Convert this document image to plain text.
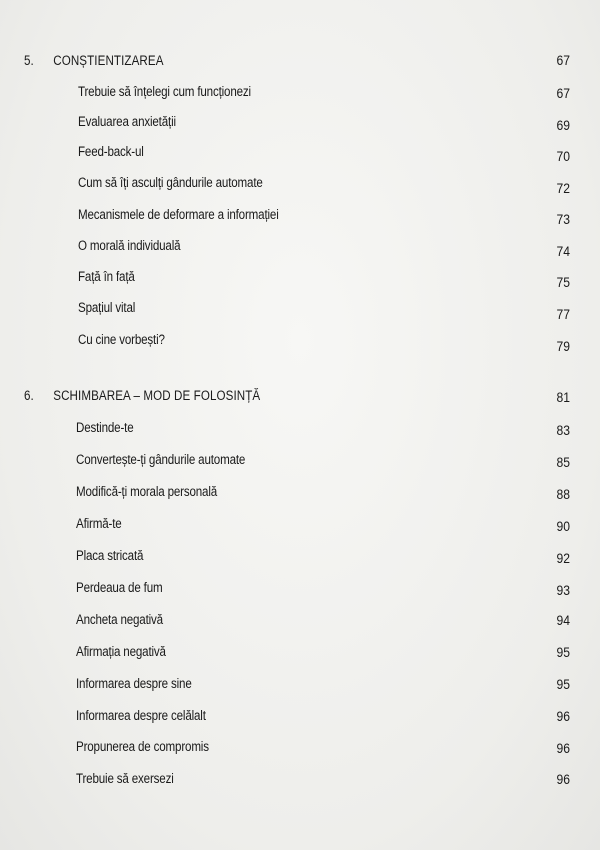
5.	CONȘTIENTIZAREA	67
Trebuie să înțelegi cum funcționezi	67
Evaluarea anxietății	69
Feed-back-ul	70
Cum să îți asculți gândurile automate	72
Mecanismele de deformare a informației	73
O morală individuală	74
Față în față	75
Spațiul vital	77
Cu cine vorbești?	79
6.	SCHIMBAREA – MOD DE FOLOSINȚĂ	81
Destinde-te	83
Convertește-ți gândurile automate	85
Modifică-ți morala personală	88
Afirmă-te	90
Placa stricată	92
Perdeaua de fum	93
Ancheta negativă	94
Afirmația negativă	95
Informarea despre sine	95
Informarea despre celălalt	96
Propunerea de compromis	96
Trebuie să exersezi	96
